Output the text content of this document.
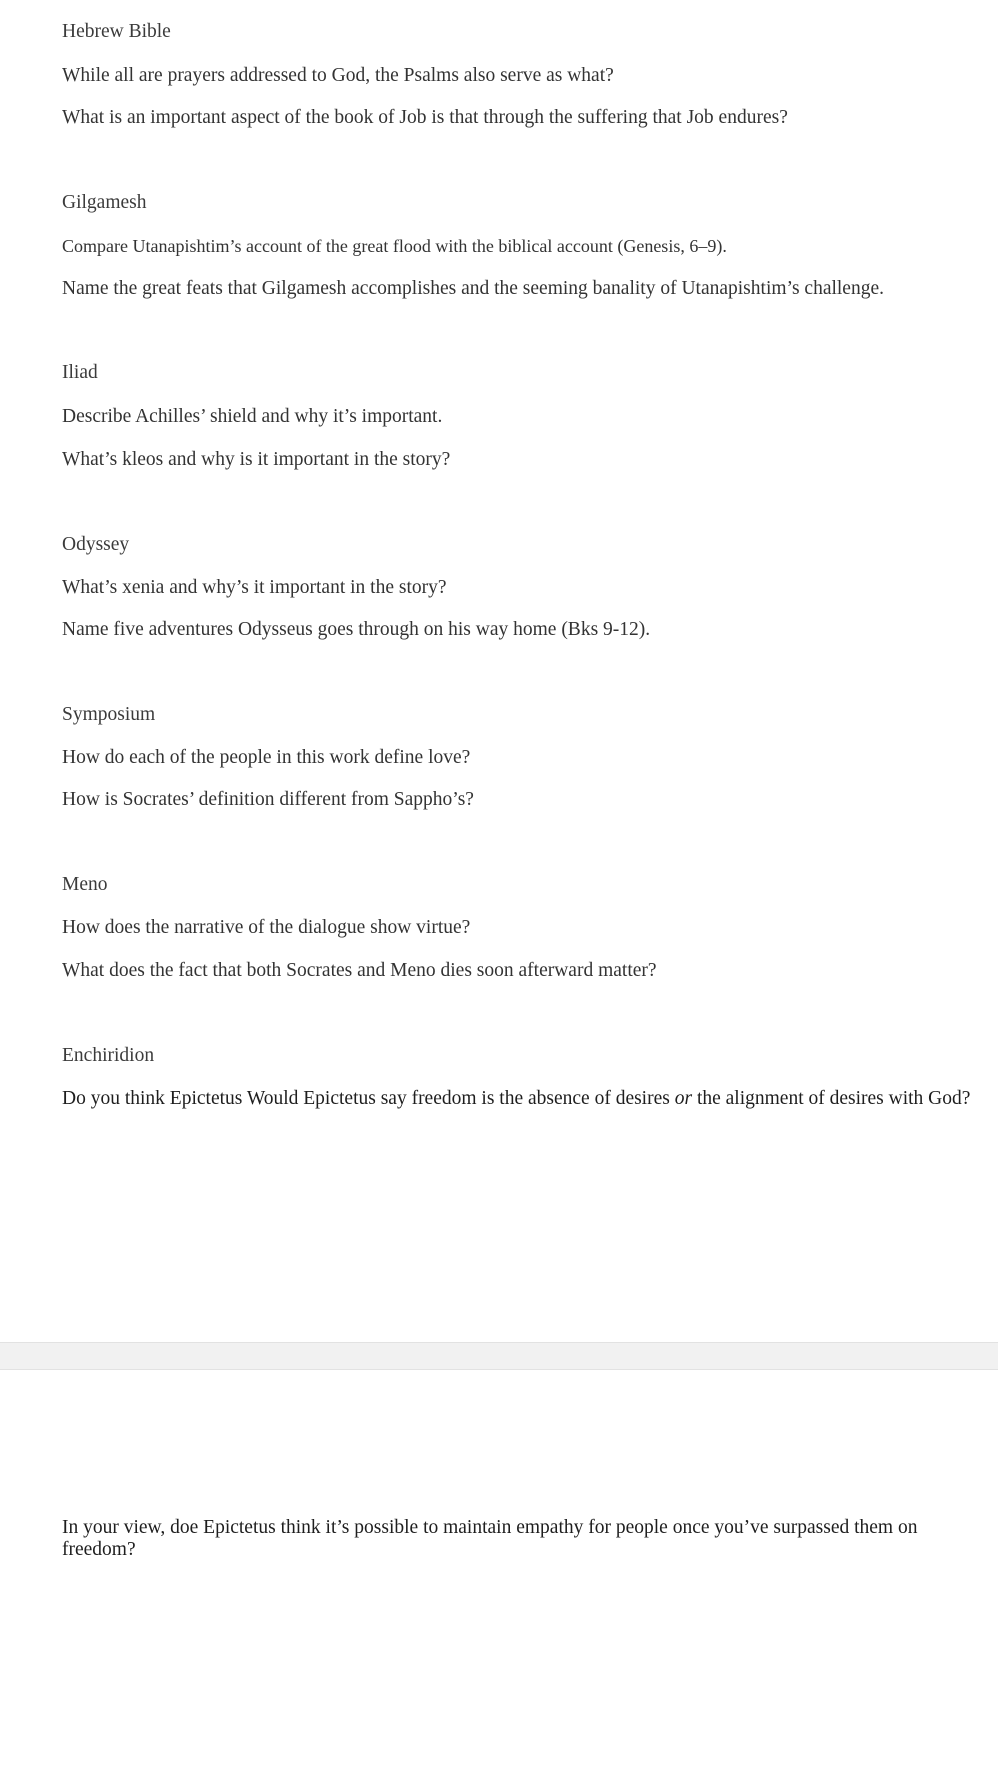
Hebrew Bible
While all are prayers addressed to God, the Psalms also serve as what?
What is an important aspect of the book of Job is that through the suffering that Job endures?
Gilgamesh
Compare Utanapishtim’s account of the great flood with the biblical account (Genesis, 6–9).
Name the great feats that Gilgamesh accomplishes and the seeming banality of Utanapishtim’s challenge.
Iliad
Describe Achilles’ shield and why it’s important.
What’s kleos and why is it important in the story?
Odyssey
What’s xenia and why’s it important in the story?
Name five adventures Odysseus goes through on his way home (Bks 9-12).
Symposium
How do each of the people in this work define love?
How is Socrates’ definition different from Sappho’s?
Meno
How does the narrative of the dialogue show virtue?
What does the fact that both Socrates and Meno dies soon afterward matter?
Enchiridion
Do you think Epictetus Would Epictetus say freedom is the absence of desires or the alignment of desires with God?
In your view, doe Epictetus think it’s possible to maintain empathy for people once you’ve surpassed them on freedom?
